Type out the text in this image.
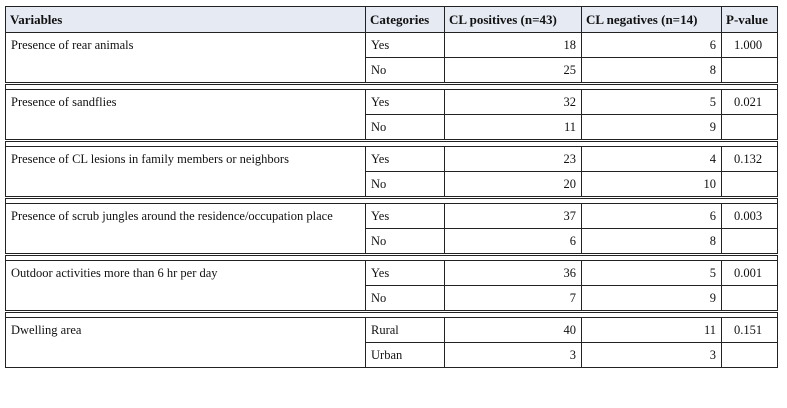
Variables	Categories	CL positives (n=43)	CL negatives (n=14)	P-value
Presence of rear animals	Yes	18	6	1.000
	No	25	8	

Presence of sandflies	Yes	32	5	0.021
	No	11	9	

Presence of CL lesions in family members or neighbors	Yes	23	4	0.132
	No	20	10	

Presence of scrub jungles around the residence/occupation place	Yes	37	6	0.003
	No	6	8	

Outdoor activities more than 6 hr per day	Yes	36	5	0.001
	No	7	9	

Dwelling area	Rural	40	11	0.151
	Urban	3	3	
